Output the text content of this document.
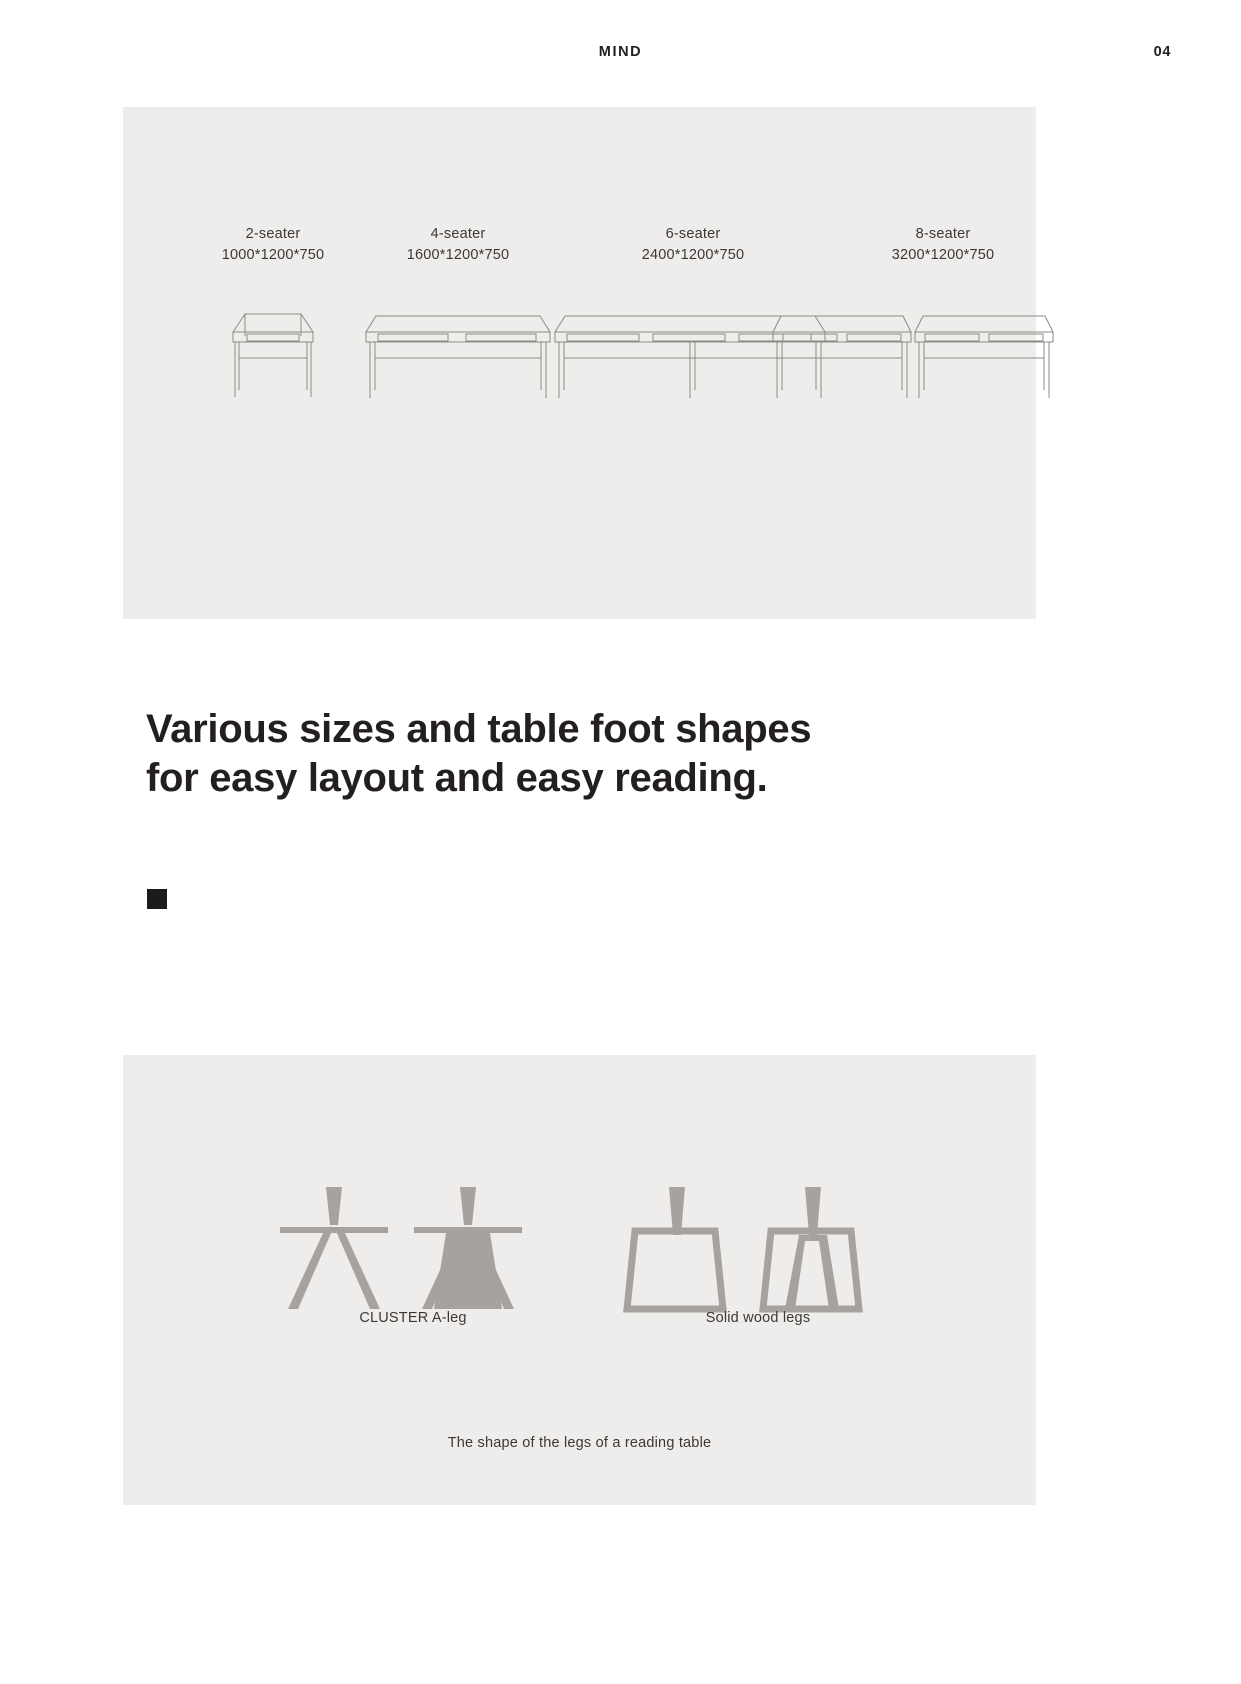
MIND	04
2-seater
1000*1200*750
4-seater
1600*1200*750
6-seater
2400*1200*750
8-seater
3200*1200*750
Various sizes and table foot shapes for easy layout and easy reading.
CLUSTER A-leg	Solid wood legs
The shape of the legs of a reading table
